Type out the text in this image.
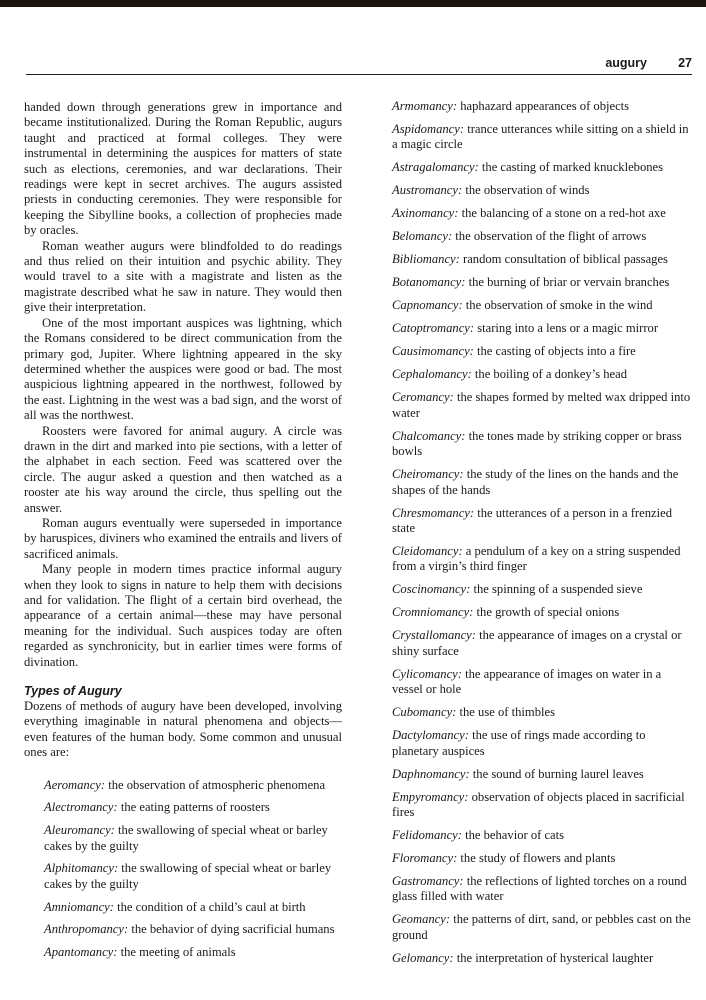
augury 27

handed down through generations grew in importance and became institutionalized. During the Roman Republic, augurs taught and practiced at formal colleges. They were instrumental in determining the auspices for matters of state such as elections, ceremonies, and war declarations. Their readings were kept in secret archives. The augurs assisted priests in conducting ceremonies. They were responsible for keeping the Sibylline books, a collection of prophecies made by oracles.

Roman weather augurs were blindfolded to do readings and thus relied on their intuition and psychic ability. They would travel to a site with a magistrate and listen as the magistrate described what he saw in nature. They would then give their interpretation.

One of the most important auspices was lightning, which the Romans considered to be direct communication from the primary god, Jupiter. Where lightning appeared in the sky determined whether the auspices were good or bad. The most auspicious lightning appeared in the northwest, followed by the east. Lightning in the west was a bad sign, and the worst of all was the northwest.

Roosters were favored for animal augury. A circle was drawn in the dirt and marked into pie sections, with a letter of the alphabet in each section. Feed was scattered over the circle. The augur asked a question and then watched as a rooster ate his way around the circle, thus spelling out the answer.

Roman augurs eventually were superseded in importance by haruspices, diviners who examined the entrails and livers of sacrificed animals.

Many people in modern times practice informal augury when they look to signs in nature to help them with decisions and for validation. The flight of a certain bird overhead, the appearance of a certain animal—these may have personal meaning for the individual. Such auspices today are often regarded as synchronicity, but in earlier times were forms of divination.

Types of Augury

Dozens of methods of augury have been developed, involving everything imaginable in natural phenomena and objects—even features of the human body. Some common and unusual ones are:

Aeromancy: the observation of atmospheric phenomena
Alectromancy: the eating patterns of roosters
Aleuromancy: the swallowing of special wheat or barley cakes by the guilty
Alphitomancy: the swallowing of special wheat or barley cakes by the guilty
Amniomancy: the condition of a child’s caul at birth
Anthropomancy: the behavior of dying sacrificial humans
Apantomancy: the meeting of animals
Armomancy: haphazard appearances of objects
Aspidomancy: trance utterances while sitting on a shield in a magic circle
Astragalomancy: the casting of marked knucklebones
Austromancy: the observation of winds
Axinomancy: the balancing of a stone on a red-hot axe
Belomancy: the observation of the flight of arrows
Bibliomancy: random consultation of biblical passages
Botanomancy: the burning of briar or vervain branches
Capnomancy: the observation of smoke in the wind
Catoptromancy: staring into a lens or a magic mirror
Causimomancy: the casting of objects into a fire
Cephalomancy: the boiling of a donkey’s head
Ceromancy: the shapes formed by melted wax dripped into water
Chalcomancy: the tones made by striking copper or brass bowls
Cheiromancy: the study of the lines on the hands and the shapes of the hands
Chresmomancy: the utterances of a person in a frenzied state
Cleidomancy: a pendulum of a key on a string suspended from a virgin’s third finger
Coscinomancy: the spinning of a suspended sieve
Cromniomancy: the growth of special onions
Crystallomancy: the appearance of images on a crystal or shiny surface
Cylicomancy: the appearance of images on water in a vessel or hole
Cubomancy: the use of thimbles
Dactylomancy: the use of rings made according to planetary auspices
Daphnomancy: the sound of burning laurel leaves
Empyromancy: observation of objects placed in sacrificial fires
Felidomancy: the behavior of cats
Floromancy: the study of flowers and plants
Gastromancy: the reflections of lighted torches on a round glass filled with water
Geomancy: the patterns of dirt, sand, or pebbles cast on the ground
Gelomancy: the interpretation of hysterical laughter
